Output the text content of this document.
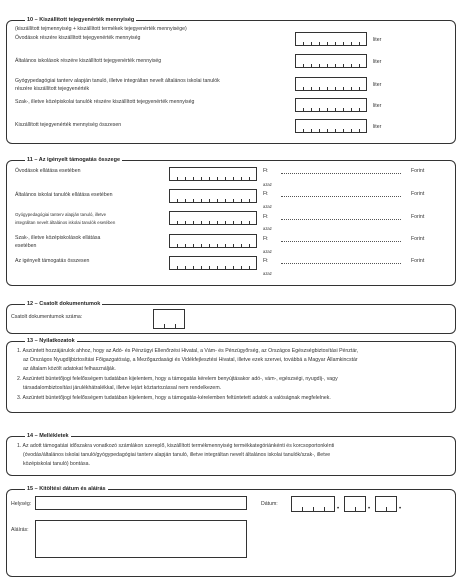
10 – Kiszállított tejegyenérték mennyiség
(kiszállított tejmennyiség + kiszállított termékek tejegyenérték mennyisége)
Óvodások részére kiszállított tejegyenérték mennyiség	liter
Általános iskolások részére kiszállított tejegyenérték mennyiség	liter
Gyógypedagógiai tanterv alapján tanuló, illetve integráltan nevelt általános iskolai tanulók
részére kiszállított tejegyenérték
liter
Szak-, illetve középiskolai tanulók részére kiszállított tejegyenérték mennyiség
liter
Kiszállított tejegyenérték mennyiség összesen	liter
11 – Az igényelt támogatás összege
Óvodások ellátása esetében	Ft	Forint
azaz
Általános iskolai tanulók ellátása esetében	Ft	Forint
azaz
Gyógypedagógiai tanterv alapján tanuló, illetve
integráltan nevelt általános iskolai tanulók esetében
Ft	Forint
azaz
Szak-, illetve középiskolások ellátása
esetében
Ft	Forint
azaz
Az igényelt támogatás összesen	Ft	Forint
azaz
12 – Csatolt dokumentumok
Csatolt dokumentumok száma:
13 – Nyilatkozatok
1. Aszüntett hozzájárulok ahhoz, hogy az Adó- és Pénzügyi Ellenőrzési Hivatal, a Vám- és Pénzügyőrség, az Országos Egészségbiztosítási Pénztár,
az Országos Nyugdíjbiztosítási Főigazgatóság, a Mezőgazdasági és Vidékfejlesztési Hivatal, illetve ezek szervei, továbbá a Magyar Államkincstár
az általam közölt adatokat felhasználják.
2. Aszüntett büntetőjogi felelősségem tudatában kijelentem, hogy a támogatás kérelem benyújtásakor adó-, vám-, egészségi, nyugdíj-, vagy
társadalombiztosítási járulékhátralékkal, illetve lejárt köztartozással nem rendelkezem.
3. Aszüntett büntetőjogi felelősségem tudatában kijelentem, hogy a támogatás-kérelemben feltüntetett adatok a valóságnak megfelelnek.
14 – Mellékletek
1. Az adott támogatási időszakra vonatkozó számlákon szereplő, kiszállított termékmennyiség termékkategóriánkénti és korcsoportonkénti
(óvodás/általános iskolai tanuló/gyógypedagógiai tanterv alapján tanuló, illetve integráltan nevelt általános iskolai tanulók/szak-, illetve
középiskolai tanuló) bontása.
15 – Kitöltési dátum és aláírás
Helység:	Dátum:
•	•	•
Aláírás:
